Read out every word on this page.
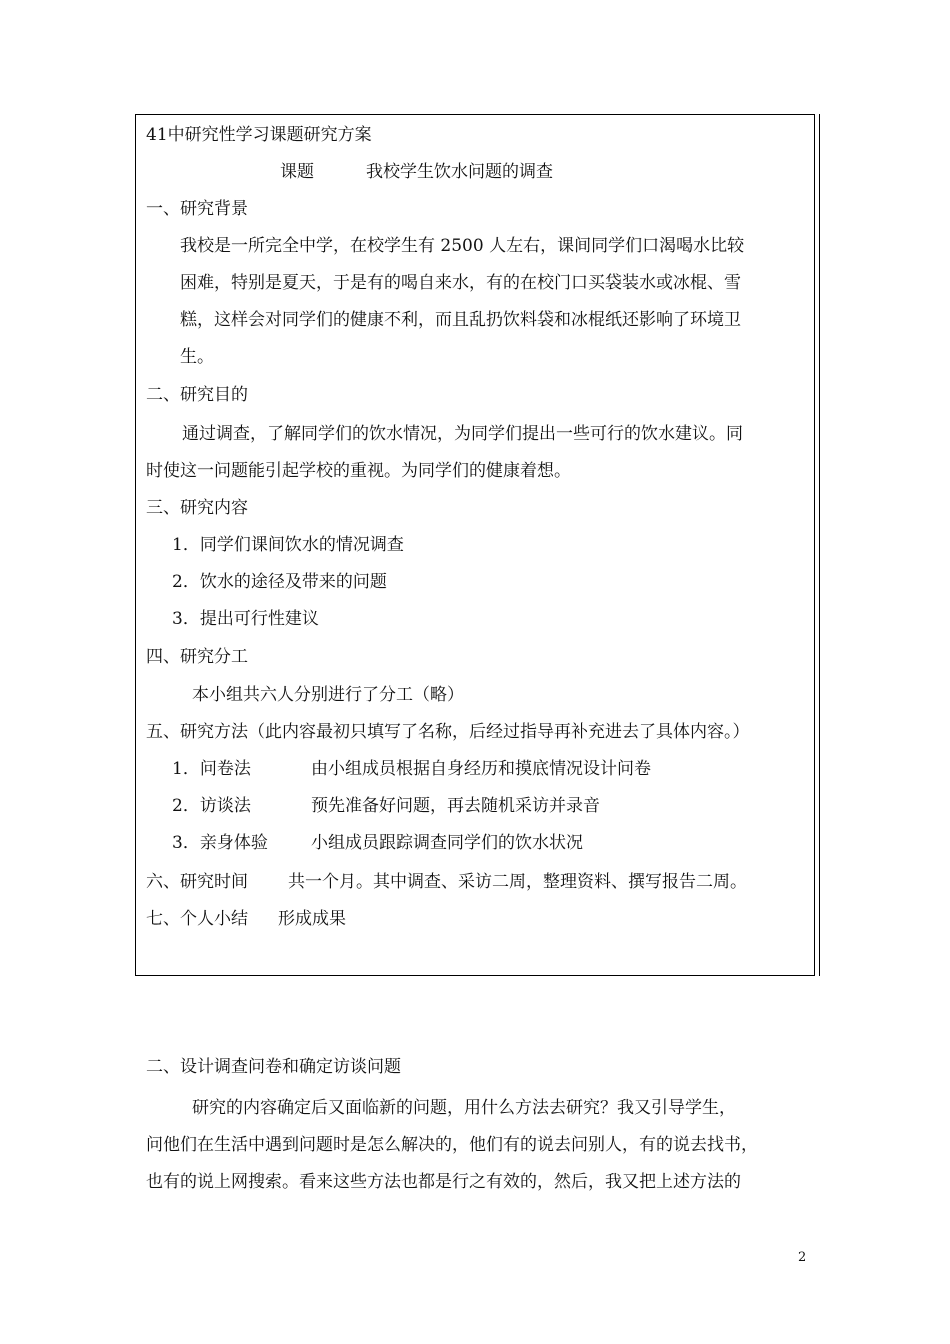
41中研究性学习课题研究方案
课题	我校学生饮水问题的调查
一、研究背景
我校是一所完全中学，在校学生有 2500 人左右，课间同学们口渴喝水比较
困难，特别是夏天，于是有的喝自来水，有的在校门口买袋装水或冰棍、雪
糕，这样会对同学们的健康不利，而且乱扔饮料袋和冰棍纸还影响了环境卫
生。
二、研究目的
通过调查，了解同学们的饮水情况，为同学们提出一些可行的饮水建议。同
时使这一问题能引起学校的重视。为同学们的健康着想。
三、研究内容
1．同学们课间饮水的情况调查
2．饮水的途径及带来的问题
3．提出可行性建议
四、研究分工
本小组共六人分别进行了分工（略）
五、研究方法（此内容最初只填写了名称，后经过指导再补充进去了具体内容。）
1．问卷法	由小组成员根据自身经历和摸底情况设计问卷
2．访谈法	预先准备好问题，再去随机采访并录音
3．亲身体验	小组成员跟踪调查同学们的饮水状况
六、研究时间 共一个月。其中调查、采访二周，整理资料、撰写报告二周。
七、个人小结 形成成果
二、设计调查问卷和确定访谈问题
研究的内容确定后又面临新的问题，用什么方法去研究？我又引导学生，
问他们在生活中遇到问题时是怎么解决的，他们有的说去问别人，有的说去找书，
也有的说上网搜索。看来这些方法也都是行之有效的，然后，我又把上述方法的
2
